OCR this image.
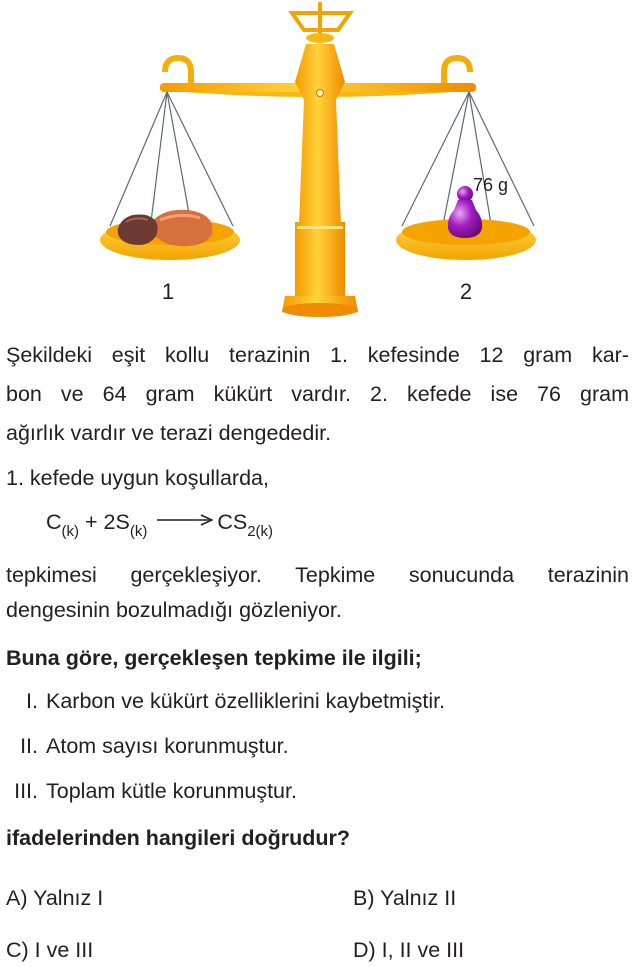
76 g
1	2

Şekildeki eşit kollu terazinin 1. kefesinde 12 gram kar-

bon ve 64 gram kükürt vardır. 2. kefede ise 76 gram

ağırlık vardır ve terazi dengededir.

1. kefede uygun koşullarda,

$C_{(k)} + 2S_{(k)} \to CS_{2(k)}$

tepkimesi gerçekleşiyor. Tepkime sonucunda terazinin

dengesinin bozulmadığı gözleniyor.

Buna göre, gerçekleşen tepkime ile ilgili;

I. Karbon ve kükürt özelliklerini kaybetmiştir.
II. Atom sayısı korunmuştur.
III. Toplam kütle korunmuştur.

ifadelerinden hangileri doğrudur?

A) Yalnız I	B) Yalnız II
C) I ve III	D) I, II ve III
